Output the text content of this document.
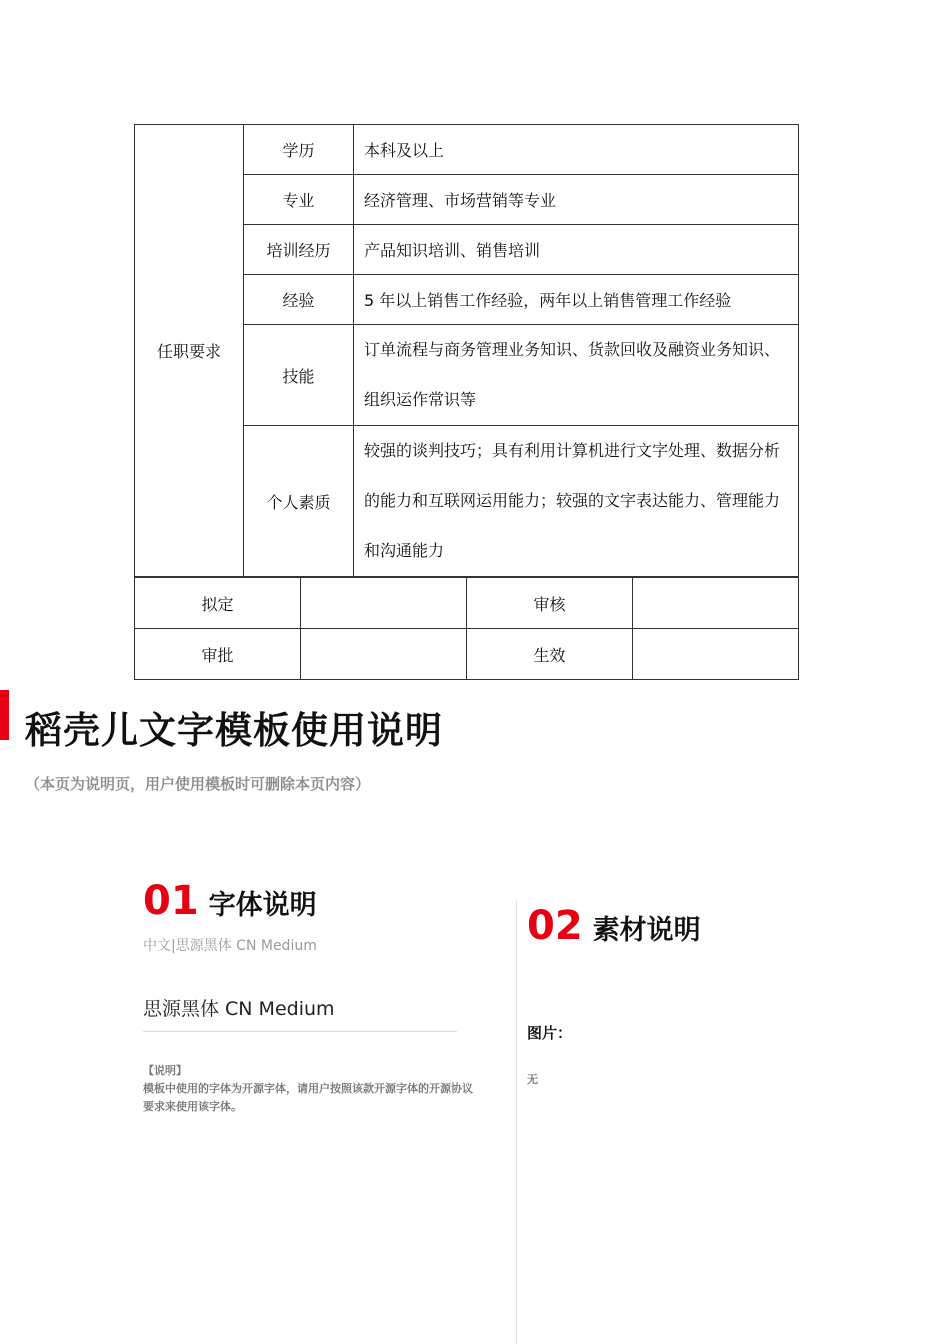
任职要求	学历	本科及以上
	专业	经济管理、市场营销等专业
	培训经历	产品知识培训、销售培训
	经验	5 年以上销售工作经验，两年以上销售管理工作经验
	技能	订单流程与商务管理业务知识、货款回收及融资业务知识、组织运作常识等
	个人素质	较强的谈判技巧；具有利用计算机进行文字处理、数据分析的能力和互联网运用能力；较强的文字表达能力、管理能力和沟通能力
拟定		审核	
审批		生效	
稻壳儿文字模板使用说明
（本页为说明页，用户使用模板时可删除本页内容）
01 字体说明
中文|思源黑体 CN Medium
思源黑体 CN Medium
【说明】
模板中使用的字体为开源字体，请用户按照该款开源字体的开源协议要求来使用该字体。
02 素材说明
图片：
无
